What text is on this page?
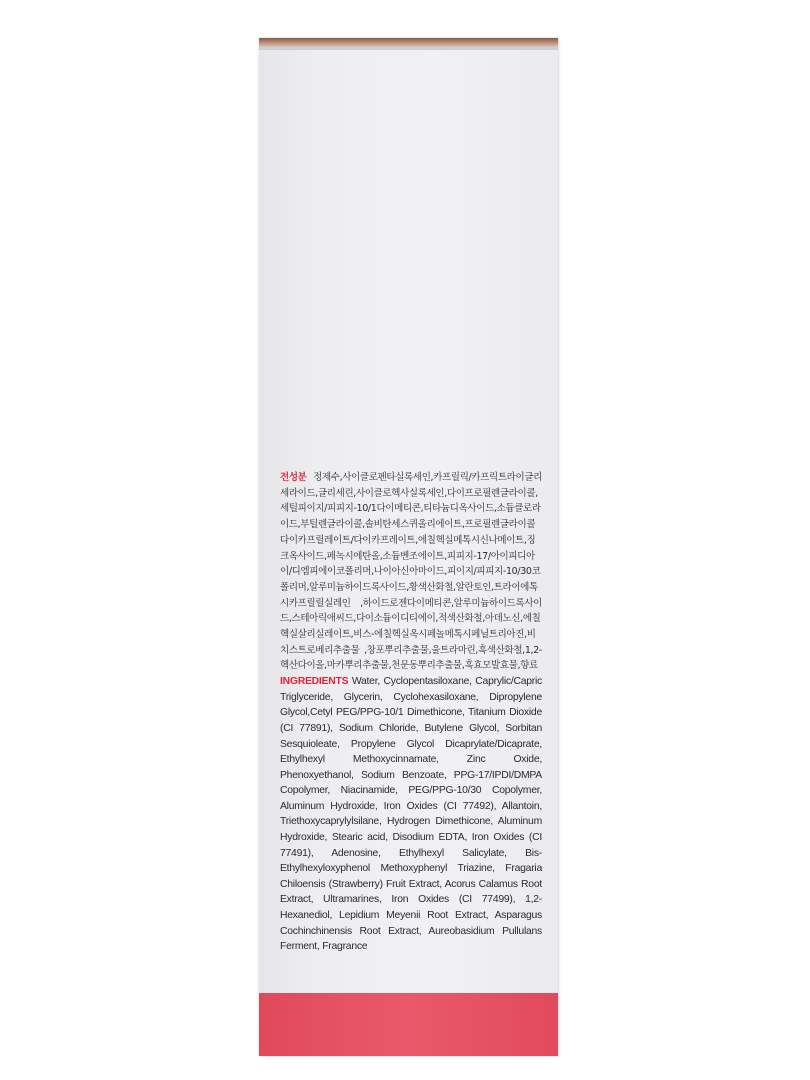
전성분 정제수,사이클로펜타실록세인,카프릴릭/카프릭트라이글리세라이드,글리세린,사이클로헥사실록세인,다이프로필렌글라이콜,세틸피이지/피피지-10/1다이메티콘,티타늄디옥사이드,소듐클로라이드,부틸렌글라이콜,솔비탄세스퀴올리에이트,프로필렌글라이콜다이카프릴레이트/다이카프레이트,에칠헥실메톡시신나메이트,징크옥사이드,페녹시에탄올,소듐벤조에이트,피피지-17/아이피디아이/디엠피에이코폴리머,나이아신아마이드,피이지/피피지-10/30코폴리머,알루미늄하이드록사이드,황색산화철,알란토인,트라이에톡시카프릴릴실레인 ,하이드로젠다이메티콘,알루미늄하이드록사이드,스테아릭애씨드,다이소듐이디티에이,적색산화철,아데노신,에칠헥실살리실레이트,비스-에칠헥실옥시페놀메톡시페닐트리아진,비치스트로베리추출물 ,창포뿌리추출물,울트라마린,흑색산화철,1,2-헥산다이올,마카뿌리추출물,천문동뿌리추출물,흑효모발효물,향료

INGREDIENTS Water, Cyclopentasiloxane, Caprylic/Capric Triglyceride, Glycerin, Cyclohexasiloxane, Dipropylene Glycol,Cetyl PEG/PPG-10/1 Dimethicone, Titanium Dioxide (CI 77891), Sodium Chloride, Butylene Glycol, Sorbitan Sesquioleate, Propylene Glycol Dicaprylate/Dicaprate, Ethylhexyl Methoxycinnamate, Zinc Oxide, Phenoxyethanol, Sodium Benzoate, PPG-17/IPDI/DMPA Copolymer, Niacinamide, PEG/PPG-10/30 Copolymer, Aluminum Hydroxide, Iron Oxides (CI 77492), Allantoin, Triethoxycaprylylsilane, Hydrogen Dimethicone, Aluminum Hydroxide, Stearic acid, Disodium EDTA, Iron Oxides (CI 77491), Adenosine, Ethylhexyl Salicylate, Bis-Ethylhexyloxyphenol Methoxyphenyl Triazine, Fragaria Chiloensis (Strawberry) Fruit Extract, Acorus Calamus Root Extract, Ultramarines, Iron Oxides (CI 77499), 1,2-Hexanediol, Lepidium Meyenii Root Extract, Asparagus Cochinchinensis Root Extract, Aureobasidium Pullulans Ferment, Fragrance
